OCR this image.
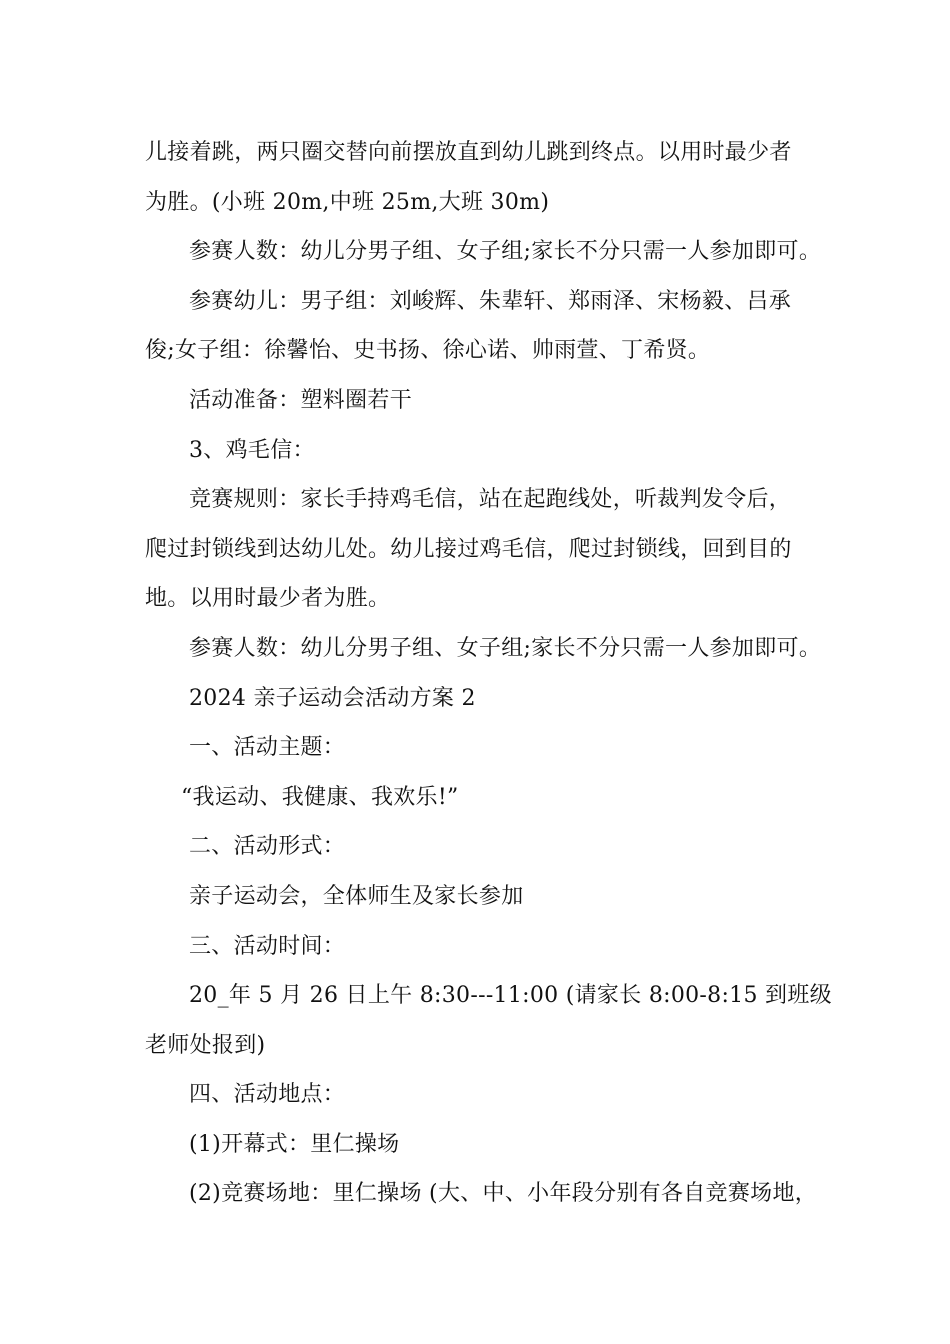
儿接着跳，两只圈交替向前摆放直到幼儿跳到终点。以用时最少者

为胜。(小班 20m,中班 25m,大班 30m)

参赛人数：幼儿分男子组、女子组;家长不分只需一人参加即可。

参赛幼儿：男子组：刘峻辉、朱辈轩、郑雨泽、宋杨毅、吕承

俊;女子组：徐馨怡、史书扬、徐心诺、帅雨萱、丁希贤。

活动准备：塑料圈若干

3、鸡毛信：

竞赛规则：家长手持鸡毛信，站在起跑线处，听裁判发令后，

爬过封锁线到达幼儿处。幼儿接过鸡毛信，爬过封锁线，回到目的

地。以用时最少者为胜。

参赛人数：幼儿分男子组、女子组;家长不分只需一人参加即可。

2024 亲子运动会活动方案 2

一、活动主题：

“我运动、我健康、我欢乐!”

二、活动形式：

亲子运动会，全体师生及家长参加

三、活动时间：

20_年 5 月 26 日上午 8:30---11:00 (请家长 8:00-8:15 到班级

老师处报到)

四、活动地点：

(1)开幕式：里仁操场

(2)竞赛场地：里仁操场 (大、中、小年段分别有各自竞赛场地，
